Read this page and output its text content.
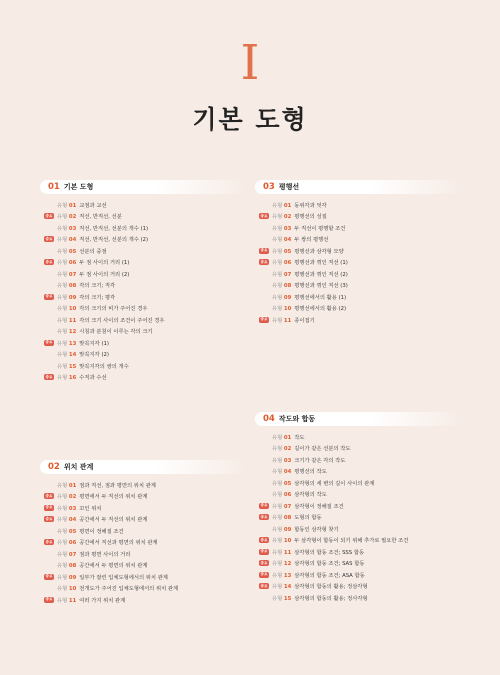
I
기본 도형
01 기본 도형
유형 01 교점과 교선
중요 유형 02 직선, 반직선, 선분
유형 03 직선, 반직선, 선분의 개수 (1)
중요 유형 04 직선, 반직선, 선분의 개수 (2)
유형 05 선분의 중점
중요 유형 06 두 점 사이의 거리 (1)
유형 07 두 점 사이의 거리 (2)
유형 08 각의 크기; 직각
중요 유형 09 각의 크기; 평각
유형 10 각의 크기의 비가 주어진 경우
유형 11 각의 크기 사이의 조건이 주어진 경우
유형 12 시침과 분침이 이루는 각의 크기
중요 유형 13 맞꼭지각 (1)
유형 14 맞꼭지각 (2)
유형 15 맞꼭지각의 쌍의 개수
중요 유형 16 수직과 수선
02 위치 관계
유형 01 점과 직선, 점과 평면의 위치 관계
중요 유형 02 평면에서 두 직선의 위치 관계
중요 유형 03 꼬인 위치
중요 유형 04 공간에서 두 직선의 위치 관계
유형 05 평면이 정해질 조건
중요 유형 06 공간에서 직선과 평면의 위치 관계
유형 07 점과 평면 사이의 거리
유형 08 공간에서 두 평면의 위치 관계
중요 유형 09 일부가 잘린 입체도형에서의 위치 관계
유형 10 전개도가 주어진 입체도형에서의 위치 관계
중요 유형 11 여러 가지 위치 관계
03 평행선
유형 01 동위각과 엇각
중요 유형 02 평행선의 성질
유형 03 두 직선이 평행할 조건
유형 04 두 쌍의 평행선
중요 유형 05 평행선과 삼각형 모양
중요 유형 06 평행선과 꺾인 직선 (1)
유형 07 평행선과 꺾인 직선 (2)
유형 08 평행선과 꺾인 직선 (3)
유형 09 평행선에서의 활용 (1)
유형 10 평행선에서의 활용 (2)
중요 유형 11 종이접기
04 작도와 합동
유형 01 작도
유형 02 길이가 같은 선분의 작도
유형 03 크기가 같은 각의 작도
유형 04 평행선의 작도
유형 05 삼각형의 세 변의 길이 사이의 관계
유형 06 삼각형의 작도
중요 유형 07 삼각형이 정해질 조건
중요 유형 08 도형의 합동
유형 09 합동인 삼각형 찾기
중요 유형 10 두 삼각형이 합동이 되기 위해 추가로 필요한 조건
중요 유형 11 삼각형의 합동 조건; SSS 합동
중요 유형 12 삼각형의 합동 조건; SAS 합동
중요 유형 13 삼각형의 합동 조건; ASA 합동
중요 유형 14 삼각형의 합동의 활용; 정삼각형
유형 15 삼각형의 합동의 활용; 정사각형
